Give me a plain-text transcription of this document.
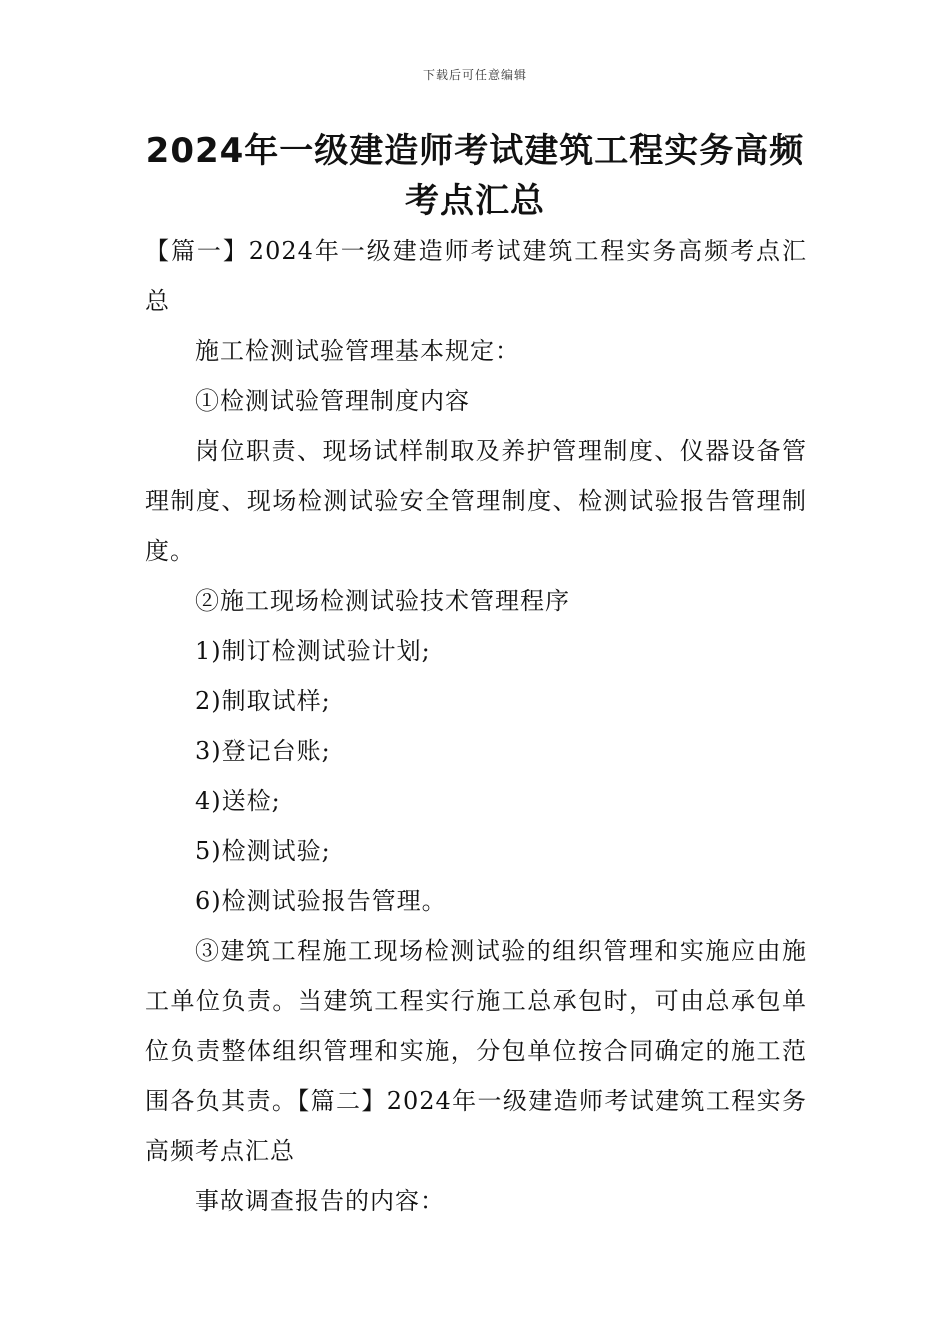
下载后可任意编辑
2024年一级建造师考试建筑工程实务高频考点汇总

【篇一】2024年一级建造师考试建筑工程实务高频考点汇总

施工检测试验管理基本规定：

①检测试验管理制度内容

岗位职责、现场试样制取及养护管理制度、仪器设备管理制度、现场检测试验安全管理制度、检测试验报告管理制度。

②施工现场检测试验技术管理程序

1)制订检测试验计划;

2)制取试样;

3)登记台账;

4)送检;

5)检测试验;

6)检测试验报告管理。

③建筑工程施工现场检测试验的组织管理和实施应由施工单位负责。当建筑工程实行施工总承包时，可由总承包单位负责整体组织管理和实施，分包单位按合同确定的施工范围各负其责。【篇二】2024年一级建造师考试建筑工程实务高频考点汇总

事故调查报告的内容：
